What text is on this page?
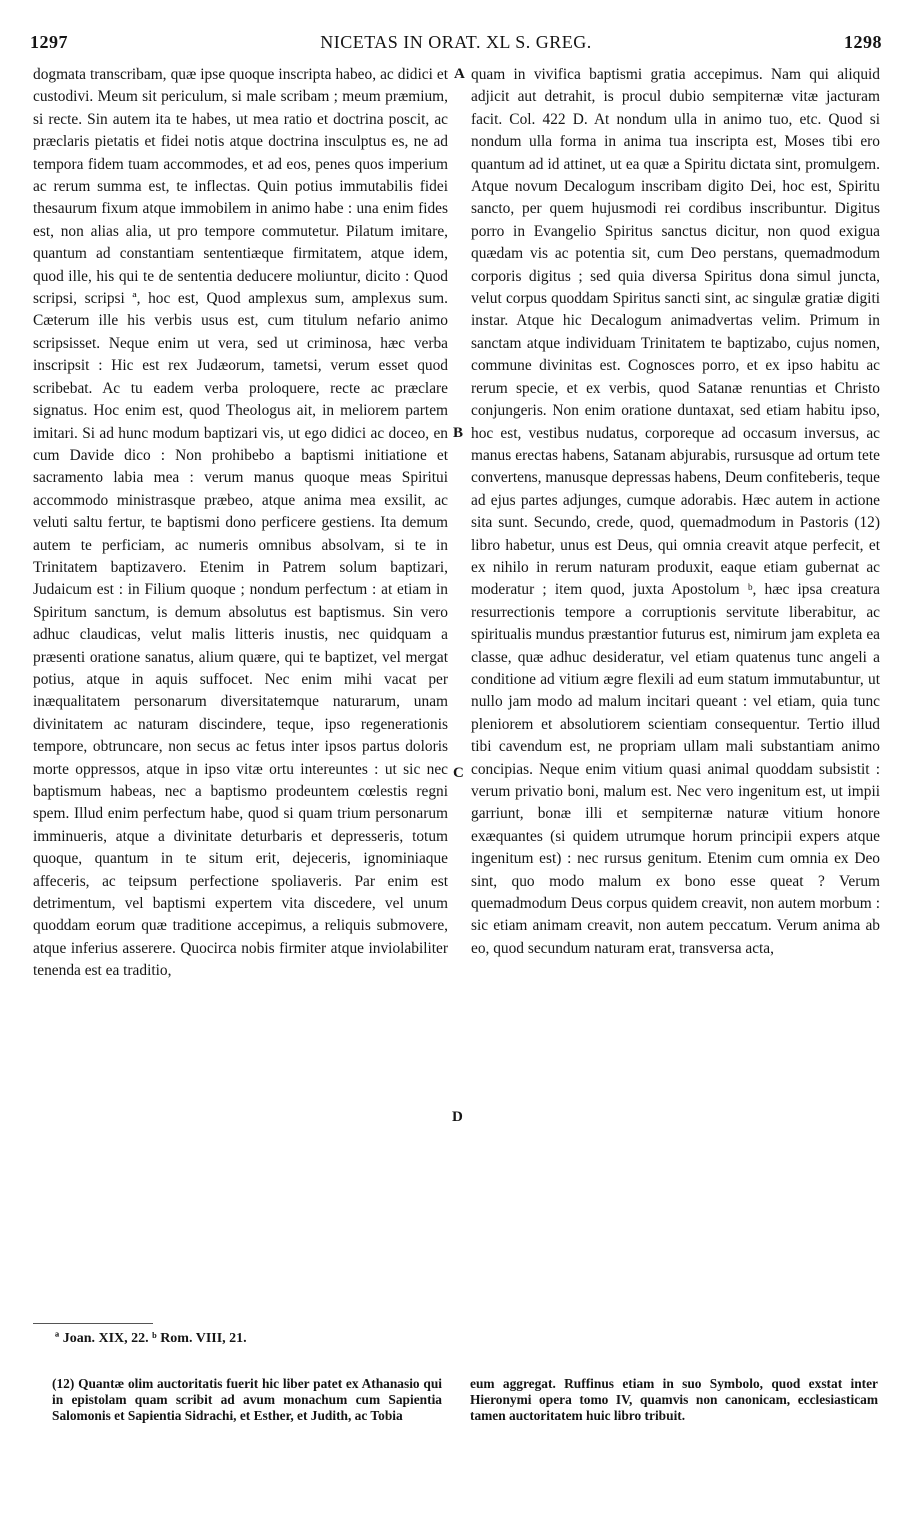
1297	NICETAS IN ORAT. XL S. GREG.	1298
dogmata transcribam, quæ ipse quoque inscripta habeo, ac didici et custodivi. Meum sit periculum, si male scribam ; meum præmium, si recte. Sin autem ita te habes, ut mea ratio et doctrina poscit, ac præclaris pietatis et fidei notis atque doctrina insculptus es, ne ad tempora fidem tuam accommodes, et ad eos, penes quos imperium ac rerum summa est, te inflectas. Quin potius immutabilis fidei thesaurum fixum atque immobilem in animo habe : una enim fides est, non alias alia, ut pro tempore commutetur. Pilatum imitare, quantum ad constantiam sententiæque firmitatem, atque idem, quod ille, his qui te de sententia deducere moliuntur, dicito : Quod scripsi, scripsi ª, hoc est, Quod amplexus sum, amplexus sum. Cæterum ille his verbis usus est, cum titulum nefario animo scripsisset. Neque enim ut vera, sed ut criminosa, hæc verba inscripsit : Hic est rex Judæorum, tametsi, verum esset quod scribebat. Ac tu eadem verba proloquere, recte ac præclare signatus. Hoc enim est, quod Theologus ait, in meliorem partem imitari. Si ad hunc modum baptizari vis, ut ego didici ac doceo, en cum Davide dico : Non prohibebo a baptismi initiatione et sacramento labia mea : verum manus quoque meas Spiritui accommodo ministrasque præbeo, atque anima mea exsilit, ac veluti saltu fertur, te baptismi dono perficere gestiens. Ita demum autem te perficiam, ac numeris omnibus absolvam, si te in Trinitatem baptizavero. Etenim in Patrem solum baptizari, Judaicum est : in Filium quoque ; nondum perfectum : at etiam in Spiritum sanctum, is demum absolutus est baptismus. Sin vero adhuc claudicas, velut malis litteris inustis, nec quidquam a præsenti oratione sanatus, alium quære, qui te baptizet, vel mergat potius, atque in aquis suffocet. Nec enim mihi vacat per inæqualitatem personarum diversitatemque naturarum, unam divinitatem ac naturam discindere, teque, ipso regenerationis tempore, obtruncare, non secus ac fetus inter ipsos partus doloris morte oppressos, atque in ipso vitæ ortu intereuntes : ut sic nec baptismum habeas, nec a baptismo prodeuntem cœlestis regni spem. Illud enim perfectum habe, quod si quam trium personarum imminueris, atque a divinitate deturbaris et depresseris, totum quoque, quantum in te situm erit, dejeceris, ignominiaque affeceris, ac teipsum perfectione spoliaveris. Par enim est detrimentum, vel baptismi expertem vita discedere, vel unum quoddam eorum quæ traditione accepimus, a reliquis submovere, atque inferius asserere. Quocirca nobis firmiter atque inviolabiliter tenenda est ea traditio,
quam in vivifica baptismi gratia accepimus. Nam qui aliquid adjicit aut detrahit, is procul dubio sempiternæ vitæ jacturam facit. Col. 422 D. At nondum ulla in animo tuo, etc. Quod si nondum ulla forma in anima tua inscripta est, Moses tibi ero quantum ad id attinet, ut ea quæ a Spiritu dictata sint, promulgem. Atque novum Decalogum inscribam digito Dei, hoc est, Spiritu sancto, per quem hujusmodi rei cordibus inscribuntur. Digitus porro in Evangelio Spiritus sanctus dicitur, non quod exigua quædam vis ac potentia sit, cum Deo perstans, quemadmodum corporis digitus ; sed quia diversa Spiritus dona simul juncta, velut corpus quoddam Spiritus sancti sint, ac singulæ gratiæ digiti instar. Atque hic Decalogum animadvertas velim. Primum in sanctam atque individuam Trinitatem te baptizabo, cujus nomen, commune divinitas est. Cognosces porro, et ex ipso habitu ac rerum specie, et ex verbis, quod Satanæ renuntias et Christo conjungeris. Non enim oratione duntaxat, sed etiam habitu ipso, hoc est, vestibus nudatus, corporeque ad occasum inversus, ac manus erectas habens, Satanam abjurabis, rursusque ad ortum tete convertens, manusque depressas habens, Deum confiteberis, teque ad ejus partes adjunges, cumque adorabis. Hæc autem in actione sita sunt. Secundo, crede, quod, quemadmodum in Pastoris (12) libro habetur, unus est Deus, qui omnia creavit atque perfecit, et ex nihilo in rerum naturam produxit, eaque etiam gubernat ac moderatur ; item quod, juxta Apostolum ᵇ, hæc ipsa creatura resurrectionis tempore a corruptionis servitute liberabitur, ac spiritualis mundus præstantior futurus est, nimirum jam expleta ea classe, quæ adhuc desideratur, vel etiam quatenus tunc angeli a conditione ad vitium ægre flexili ad eum statum immutabuntur, ut nullo jam modo ad malum incitari queant : vel etiam, quia tunc pleniorem et absolutiorem scientiam consequentur. Tertio illud tibi cavendum est, ne propriam ullam mali substantiam animo concipias. Neque enim vitium quasi animal quoddam subsistit : verum privatio boni, malum est. Nec vero ingenitum est, ut impii garriunt, bonæ illi et sempiternæ naturæ vitium honore exæquantes (si quidem utrumque horum principii expers atque ingenitum est) : nec rursus genitum. Etenim cum omnia ex Deo sint, quo modo malum ex bono esse queat ? Verum quemadmodum Deus corpus quidem creavit, non autem morbum : sic etiam animam creavit, non autem peccatum. Verum anima ab eo, quod secundum naturam erat, transversa acta,
A
B
C
D
ª Joan. XIX, 22. ᵇ Rom. VIII, 21.
(12) Quantæ olim auctoritatis fuerit hic liber patet ex Athanasio qui in epistolam quam scribit ad avum monachum cum Sapientia Salomonis et Sapientia Sidrachi, et Esther, et Judith, ac Tobia
eum aggregat. Ruffinus etiam in suo Symbolo, quod exstat inter Hieronymi opera tomo IV, quamvis non canonicam, ecclesiasticam tamen auctoritatem huic libro tribuit.
